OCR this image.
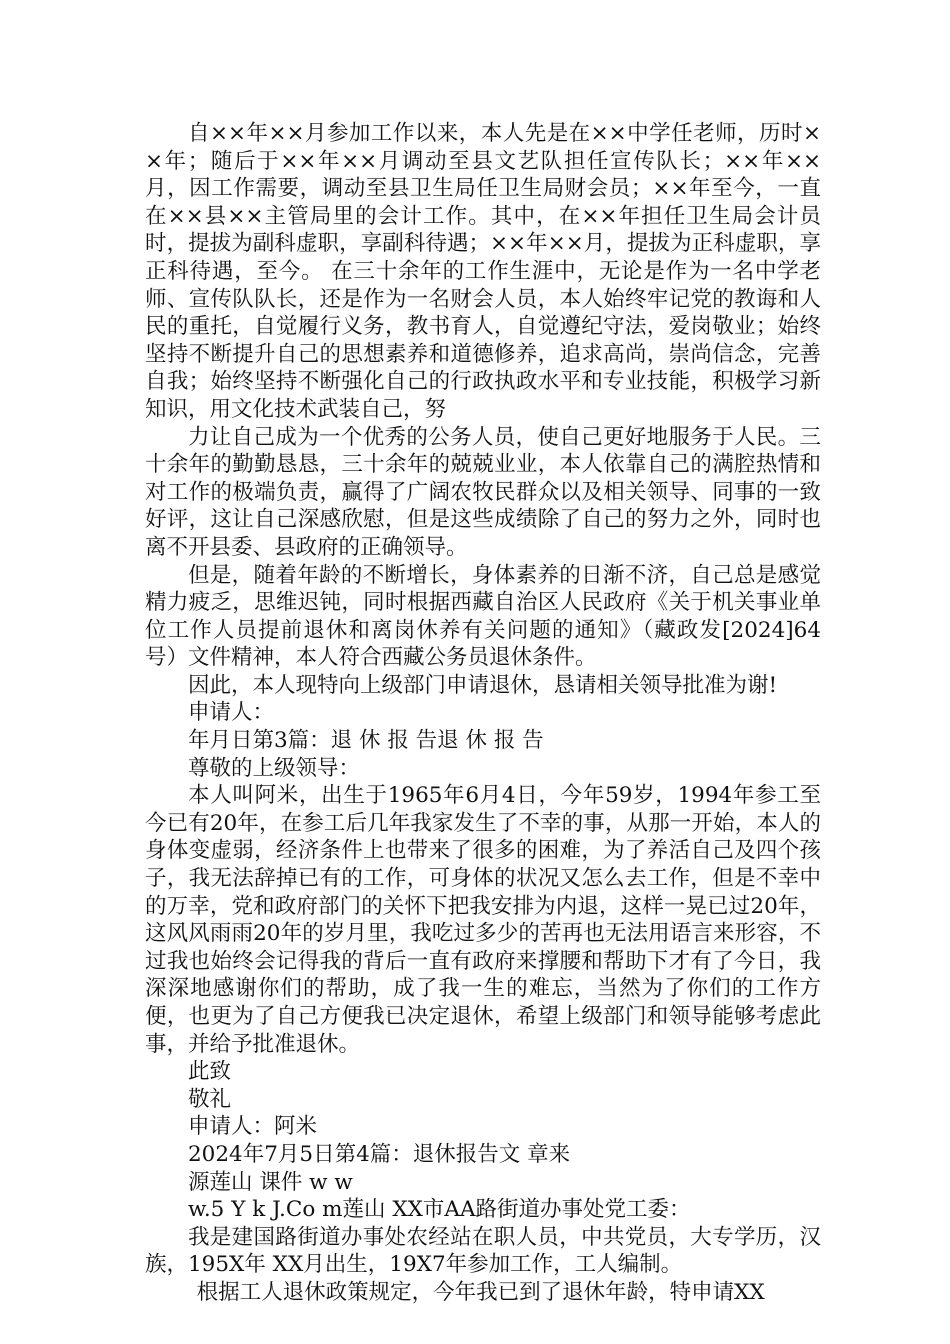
自××年××月参加工作以来，本人先是在××中学任老师，历时××年；随后于××年××月调动至县文艺队担任宣传队长；××年××月，因工作需要，调动至县卫生局任卫生局财会员；××年至今，一直在××县××主管局里的会计工作。其中，在××年担任卫生局会计员时，提拔为副科虚职，享副科待遇；××年××月，提拔为正科虚职，享正科待遇，至今。 在三十余年的工作生涯中，无论是作为一名中学老师、宣传队队长，还是作为一名财会人员，本人始终牢记党的教诲和人民的重托，自觉履行义务，教书育人，自觉遵纪守法，爱岗敬业；始终坚持不断提升自己的思想素养和道德修养，追求高尚，崇尚信念，完善自我；始终坚持不断强化自己的行政执政水平和专业技能，积极学习新知识，用文化技术武装自己，努

力让自己成为一个优秀的公务人员，使自己更好地服务于人民。三十余年的勤勤恳恳，三十余年的兢兢业业，本人依靠自己的满腔热情和对工作的极端负责，赢得了广阔农牧民群众以及相关领导、同事的一致好评，这让自己深感欣慰，但是这些成绩除了自己的努力之外，同时也离不开县委、县政府的正确领导。

但是，随着年龄的不断增长，身体素养的日渐不济，自己总是感觉精力疲乏，思维迟钝，同时根据西藏自治区人民政府《关于机关事业单位工作人员提前退休和离岗休养有关问题的通知》（藏政发[2024]64号）文件精神，本人符合西藏公务员退休条件。

因此，本人现特向上级部门申请退休，恳请相关领导批准为谢!

申请人：

年月日第3篇：退 休 报 告退 休 报 告

尊敬的上级领导：

本人叫阿米，出生于1965年6月4日，今年59岁，1994年参工至今已有20年，在参工后几年我家发生了不幸的事，从那一开始，本人的身体变虚弱，经济条件上也带来了很多的困难，为了养活自己及四个孩子，我无法辞掉已有的工作，可身体的状况又怎么去工作，但是不幸中的万幸，党和政府部门的关怀下把我安排为内退，这样一晃已过20年，这风风雨雨20年的岁月里，我吃过多少的苦再也无法用语言来形容，不过我也始终会记得我的背后一直有政府来撑腰和帮助下才有了今日，我深深地感谢你们的帮助，成了我一生的难忘，当然为了你们的工作方便，也更为了自己方便我已决定退休，希望上级部门和领导能够考虑此事，并给予批准退休。

此致

敬礼

申请人：阿米

2024年7月5日第4篇：退休报告文 章来

源莲山 课件 w w

w.5 Y k J.Co m莲山 XX市AA路街道办事处党工委：

我是建国路街道办事处农经站在职人员，中共党员，大专学历，汉族，195X年 XX月出生，19X7年参加工作，工人编制。

根据工人退休政策规定，今年我已到了退休年龄，特申请XX
